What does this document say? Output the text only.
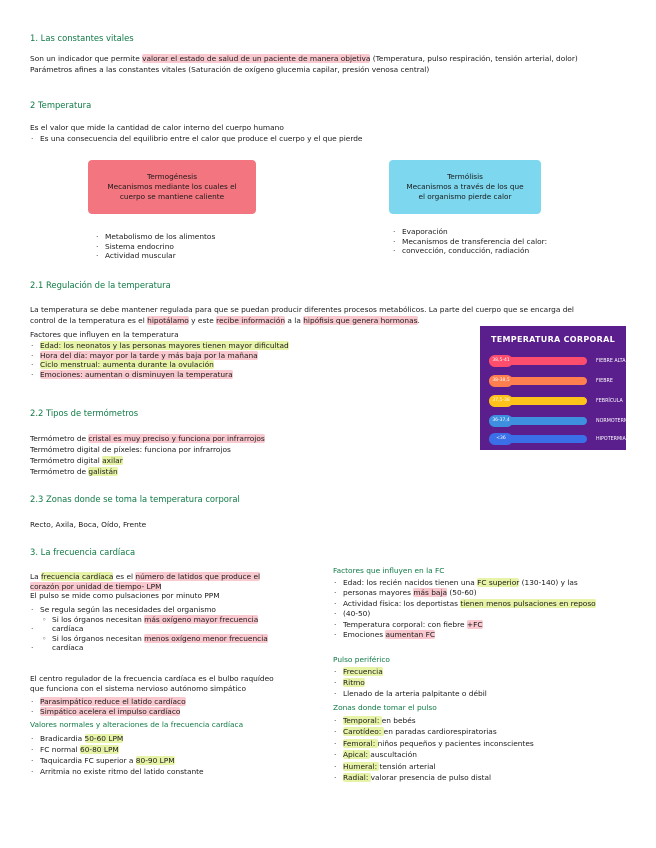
1. Las constantes vitales
Son un indicador que permite valorar el estado de salud de un paciente de manera objetiva (Temperatura, pulso respiración, tensión arterial, dolor)
Parámetros afines a las constantes vitales (Saturación de oxígeno glucemia capilar, presión venosa central)
2 Temperatura
Es el valor que mide la cantidad de calor interno del cuerpo humano
· Es una consecuencia del equilibrio entre el calor que produce el cuerpo y el que pierde
Termogénesis
Mecanismos mediante los cuales el
cuerpo se mantiene caliente
Termólisis
Mecanismos a través de los que
el organismo pierde calor
· Metabolismo de los alimentos
· Sistema endocrino
· Actividad muscular
· Evaporación
· Mecanismos de transferencia del calor:
· convección, conducción, radiación
2.1 Regulación de la temperatura
La temperatura se debe mantener regulada para que se puedan producir diferentes procesos metabólicos. La parte del cuerpo que se encarga del
control de la temperatura es el hipotálamo y este recibe información a la hipófisis que genera hormonas.
Factores que influyen en la temperatura
· Edad: los neonatos y las personas mayores tienen mayor dificultad
· Hora del día: mayor por la tarde y más baja por la mañana
· Ciclo menstrual: aumenta durante la ovulación
· Emociones: aumentan o disminuyen la temperatura
TEMPERATURA CORPORAL
38,5-41	FIEBRE ALTA
38-38,5	FIEBRE
37,5-38	FEBRÍCULA
36-37,4	NORMOTERMIA
<36	HIPOTERMIA
2.2 Tipos de termómetros
Termómetro de cristal es muy preciso y funciona por infrarrojos
Termómetro digital de píxeles: funciona por infrarrojos
Termómetro digital axilar
Termómetro de galistán
2.3 Zonas donde se toma la temperatura corporal
Recto, Axila, Boca, Oído, Frente
3. La frecuencia cardíaca
La frecuencia cardíaca es el número de latidos que produce el
corazón por unidad de tiempo- LPM
El pulso se mide como pulsaciones por minuto PPM
· Se regula según las necesidades del organismo
◦ Si los órganos necesitan más oxígeno mayor frecuencia
· cardíaca
◦ Si los órganos necesitan menos oxígeno menor frecuencia
· cardíaca
El centro regulador de la frecuencia cardíaca es el bulbo raquídeo
que funciona con el sistema nervioso autónomo simpático
· Parasimpático reduce el latido cardíaco
· Simpático acelera el impulso cardíaco
Valores normales y alteraciones de la frecuencia cardíaca
· Bradicardia 50-60 LPM
· FC normal 60-80 LPM
· Taquicardia FC superior a 80-90 LPM
· Arritmia no existe ritmo del latido constante
Factores que influyen en la FC
· Edad: los recién nacidos tienen una FC superior (130-140) y las
· personas mayores más baja (50-60)
· Actividad física: los deportistas tienen menos pulsaciones en reposo
· (40-50)
· Temperatura corporal: con fiebre +FC
· Emociones aumentan FC
Pulso periférico
· Frecuencia
· Ritmo
· Llenado de la arteria palpitante o débil
Zonas donde tomar el pulso
· Temporal: en bebés
· Carotídeo: en paradas cardiorespiratorias
· Femoral: niños pequeños y pacientes inconscientes
· Apical: auscultación
· Humeral: tensión arterial
· Radial: valorar presencia de pulso distal
